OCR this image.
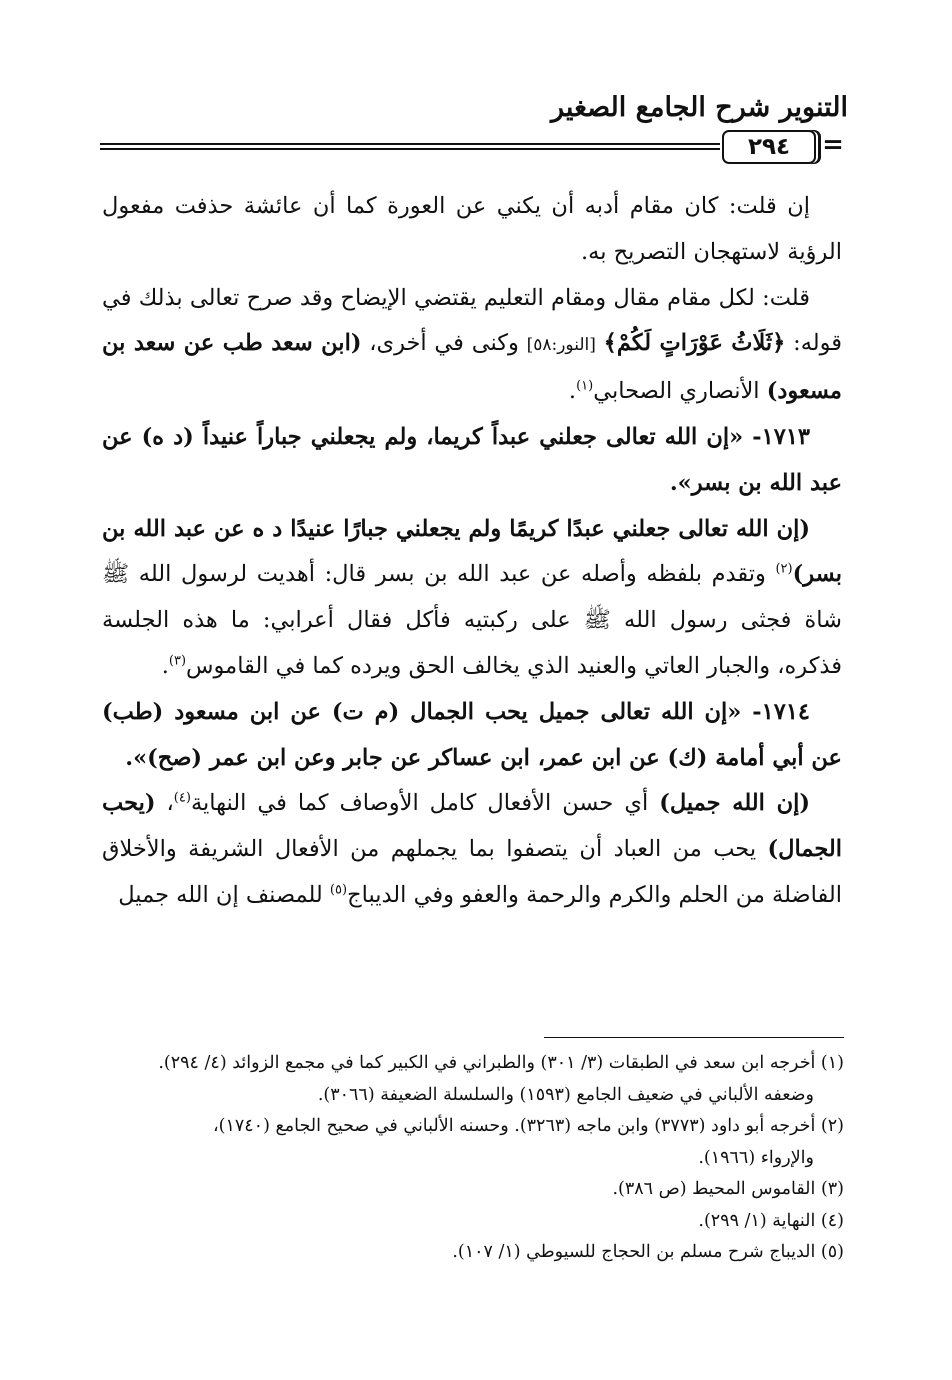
التنوير شرح الجامع الصغير
=
٢٩٤

إن قلت: كان مقام أدبه أن يكني عن العورة كما أن عائشة حذفت مفعول الرؤية لاستهجان التصريح به.

قلت: لكل مقام مقال ومقام التعليم يقتضي الإيضاح وقد صرح تعالى بذلك في قوله: ﴿ثَلَاثُ عَوْرَاتٍ لَكُمْ﴾ [النور:٥٨] وكنى في أخرى، (ابن سعد طب عن سعد بن مسعود) الأنصاري الصحابي$^{(١)}$.

١٧١٣- «إن الله تعالى جعلني عبداً كريما، ولم يجعلني جباراً عنيداً (د ه) عن عبد الله بن بسر».

(إن الله تعالى جعلني عبدًا كريمًا ولم يجعلني جبارًا عنيدًا د ه عن عبد الله بن بسر)$^{(٢)}$ وتقدم بلفظه وأصله عن عبد الله بن بسر قال: أهديت لرسول الله ﷺ شاة فجثى رسول الله ﷺ على ركبتيه فأكل فقال أعرابي: ما هذه الجلسة فذكره، والجبار العاتي والعنيد الذي يخالف الحق ويرده كما في القاموس$^{(٣)}$.

١٧١٤- «إن الله تعالى جميل يحب الجمال (م ت) عن ابن مسعود (طب) عن أبي أمامة (ك) عن ابن عمر، ابن عساكر عن جابر وعن ابن عمر (صح)».

(إن الله جميل) أي حسن الأفعال كامل الأوصاف كما في النهاية$^{(٤)}$، (يحب الجمال) يحب من العباد أن يتصفوا بما يجملهم من الأفعال الشريفة والأخلاق الفاضلة من الحلم والكرم والرحمة والعفو وفي الديباج$^{(٥)}$ للمصنف إن الله جميل

(١) أخرجه ابن سعد في الطبقات (٣/ ٣٠١) والطبراني في الكبير كما في مجمع الزوائد (٤/ ٢٩٤).

وضعفه الألباني في ضعيف الجامع (١٥٩٣) والسلسلة الضعيفة (٣٠٦٦).

(٢) أخرجه أبو داود (٣٧٧٣) وابن ماجه (٣٢٦٣). وحسنه الألباني في صحيح الجامع (١٧٤٠)،

والإرواء (١٩٦٦).

(٣) القاموس المحيط (ص ٣٨٦).

(٤) النهاية (١/ ٢٩٩).

(٥) الديباج شرح مسلم بن الحجاج للسيوطي (١/ ١٠٧).
